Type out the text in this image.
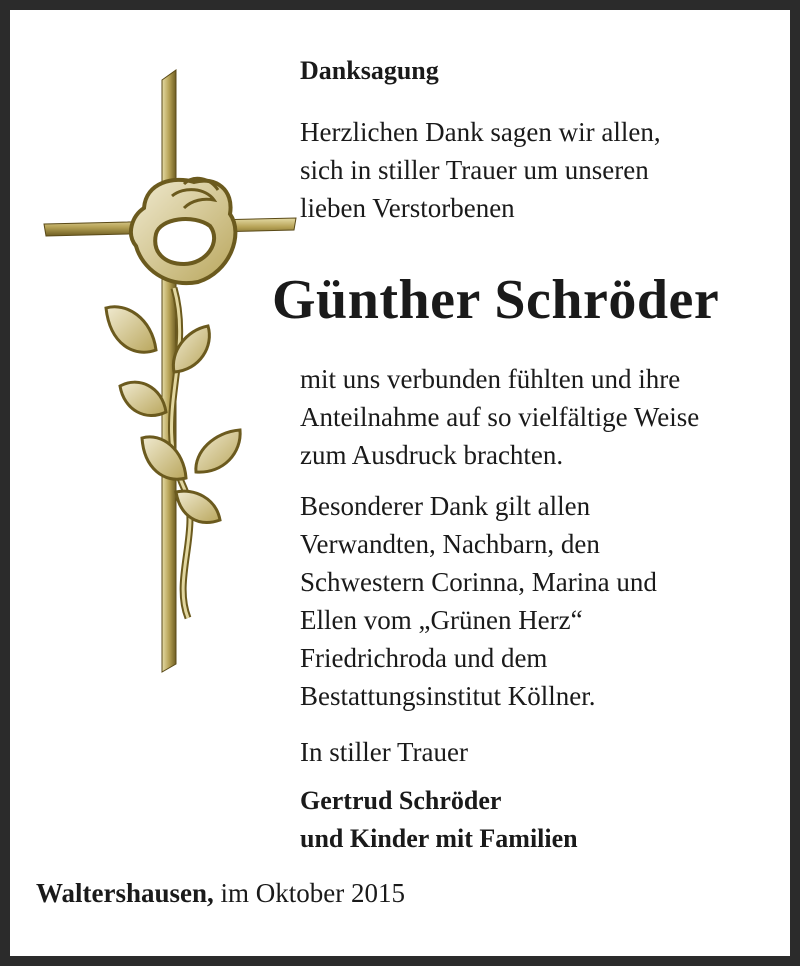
Danksagung

Herzlichen Dank sagen wir allen,
sich in stiller Trauer um unseren
lieben Verstorbenen

Günther Schröder

mit uns verbunden fühlten und ihre
Anteilnahme auf so vielfältige Weise
zum Ausdruck brachten.

Besonderer Dank gilt allen
Verwandten, Nachbarn, den
Schwestern Corinna, Marina und
Ellen vom „Grünen Herz“
Friedrichroda und dem
Bestattungsinstitut Köllner.

In stiller Trauer

Gertrud Schröder
und Kinder mit Familien

Waltershausen, im Oktober 2015
